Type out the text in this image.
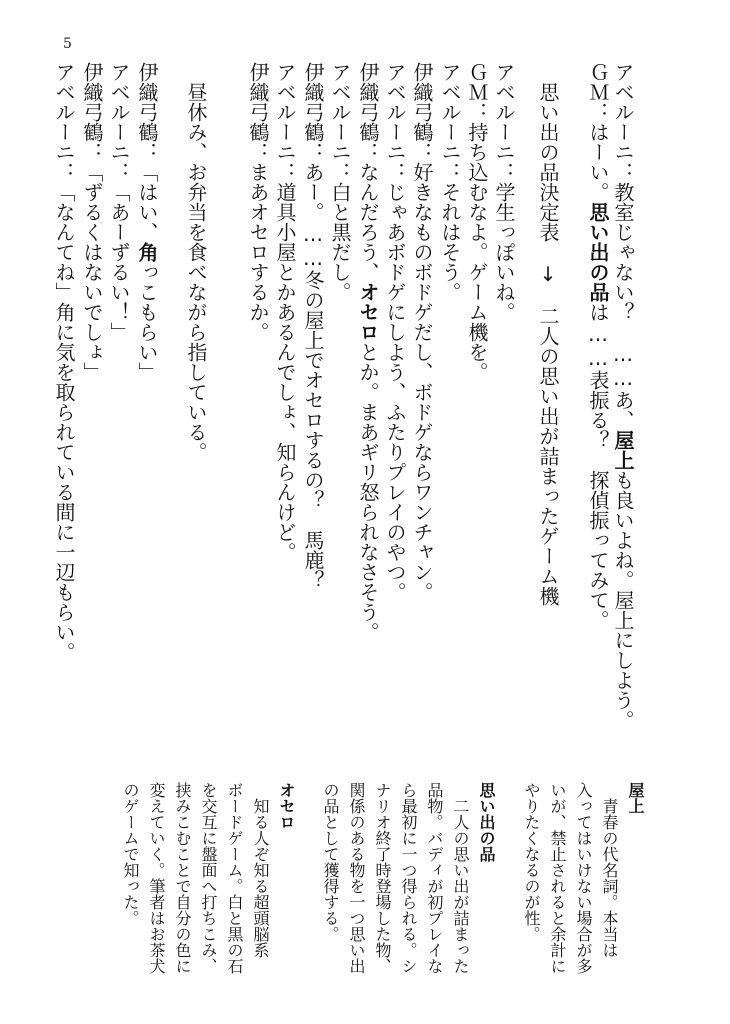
5
アベルーニ：教室じゃない？　……あ、屋上も良いよね。屋上にしよう。
ＧＭ：はーい。思い出の品は……表振る？　探偵振ってみて。
思い出の品決定表　↓　二人の思い出が詰まったゲーム機
アベルーニ：学生っぽいね。
ＧＭ：持ち込むなよ。ゲーム機を。
アベルーニ：それはそう。
伊織弓鶴：好きなものボドゲだし、ボドゲならワンチャン。
アベルーニ：じゃあボドゲにしよう、ふたりプレイのやつ。
伊織弓鶴：なんだろう、オセロとか。まあギリ怒られなさそう。
アベルーニ：白と黒だし。
伊織弓鶴：あー。……冬の屋上でオセロするの？　馬鹿？
アベルーニ：道具小屋とかあるんでしょ、知らんけど。
伊織弓鶴：まあオセロするか。
昼休み、お弁当を食べながら指している。
伊織弓鶴：「はい、角っこもらい」
アベルーニ：「あーずるい！」
伊織弓鶴：「ずるくはないでしょ」
アベルーニ：「なんてね」角に気を取られている間に一辺もらい。
屋上
　青春の代名詞。本当は
入ってはいけない場合が多
いが、禁止されると余計に
やりたくなるのが性。
思い出の品
　二人の思い出が詰まった
品物。バディが初プレイな
ら最初に一つ得られる。シ
ナリオ終了時登場した物、
関係のある物を一つ思い出
の品として獲得する。
オセロ
　知る人ぞ知る超頭脳系
ボードゲーム。白と黒の石
を交互に盤面へ打ちこみ、
挟みこむことで自分の色に
変えていく。筆者はお茶犬
のゲームで知った。
